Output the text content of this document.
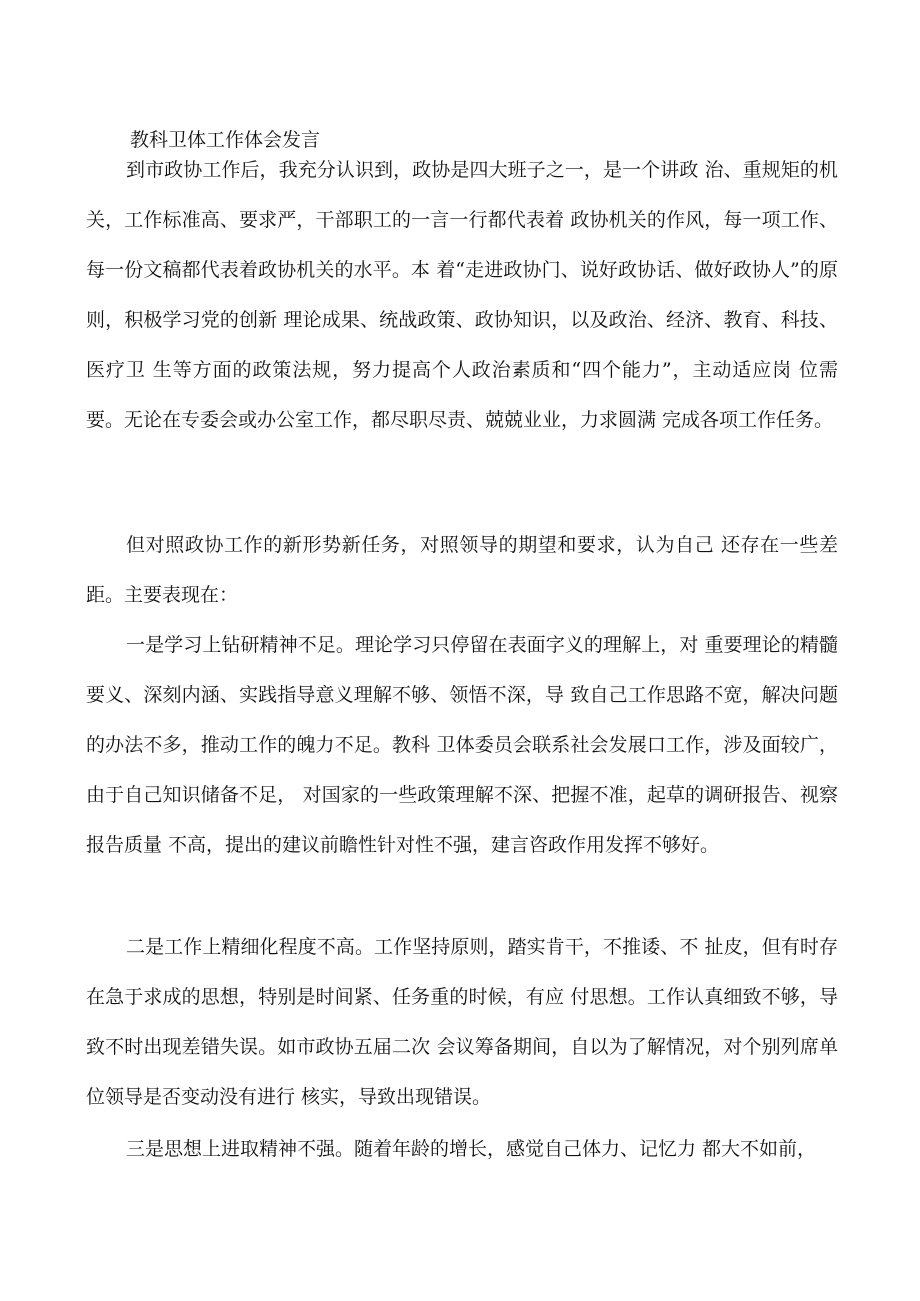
教科卫体工作体会发言

到市政协工作后，我充分认识到，政协是四大班子之一，是一个讲政 治、重规矩的机关，工作标准高、要求严，干部职工的一言一行都代表着 政协机关的作风，每一项工作、每一份文稿都代表着政协机关的水平。本 着“走进政协门、说好政协话、做好政协人”的原则，积极学习党的创新 理论成果、统战政策、政协知识，以及政治、经济、教育、科技、医疗卫 生等方面的政策法规，努力提高个人政治素质和“四个能力”，主动适应岗 位需要。无论在专委会或办公室工作，都尽职尽责、兢兢业业，力求圆满 完成各项工作任务。

但对照政协工作的新形势新任务，对照领导的期望和要求，认为自己 还存在一些差距。主要表现在：

一是学习上钻研精神不足。理论学习只停留在表面字义的理解上，对 重要理论的精髓要义、深刻内涵、实践指导意义理解不够、领悟不深，导 致自己工作思路不宽，解决问题的办法不多，推动工作的魄力不足。教科 卫体委员会联系社会发展口工作，涉及面较广，由于自己知识储备不足， 对国家的一些政策理解不深、把握不准，起草的调研报告、视察报告质量 不高，提出的建议前瞻性针对性不强，建言咨政作用发挥不够好。

二是工作上精细化程度不高。工作坚持原则，踏实肯干，不推诿、不 扯皮，但有时存在急于求成的思想，特别是时间紧、任务重的时候，有应 付思想。工作认真细致不够，导致不时出现差错失误。如市政协五届二次 会议筹备期间，自以为了解情况，对个别列席单位领导是否变动没有进行 核实，导致出现错误。

三是思想上进取精神不强。随着年龄的增长，感觉自己体力、记忆力 都大不如前，
